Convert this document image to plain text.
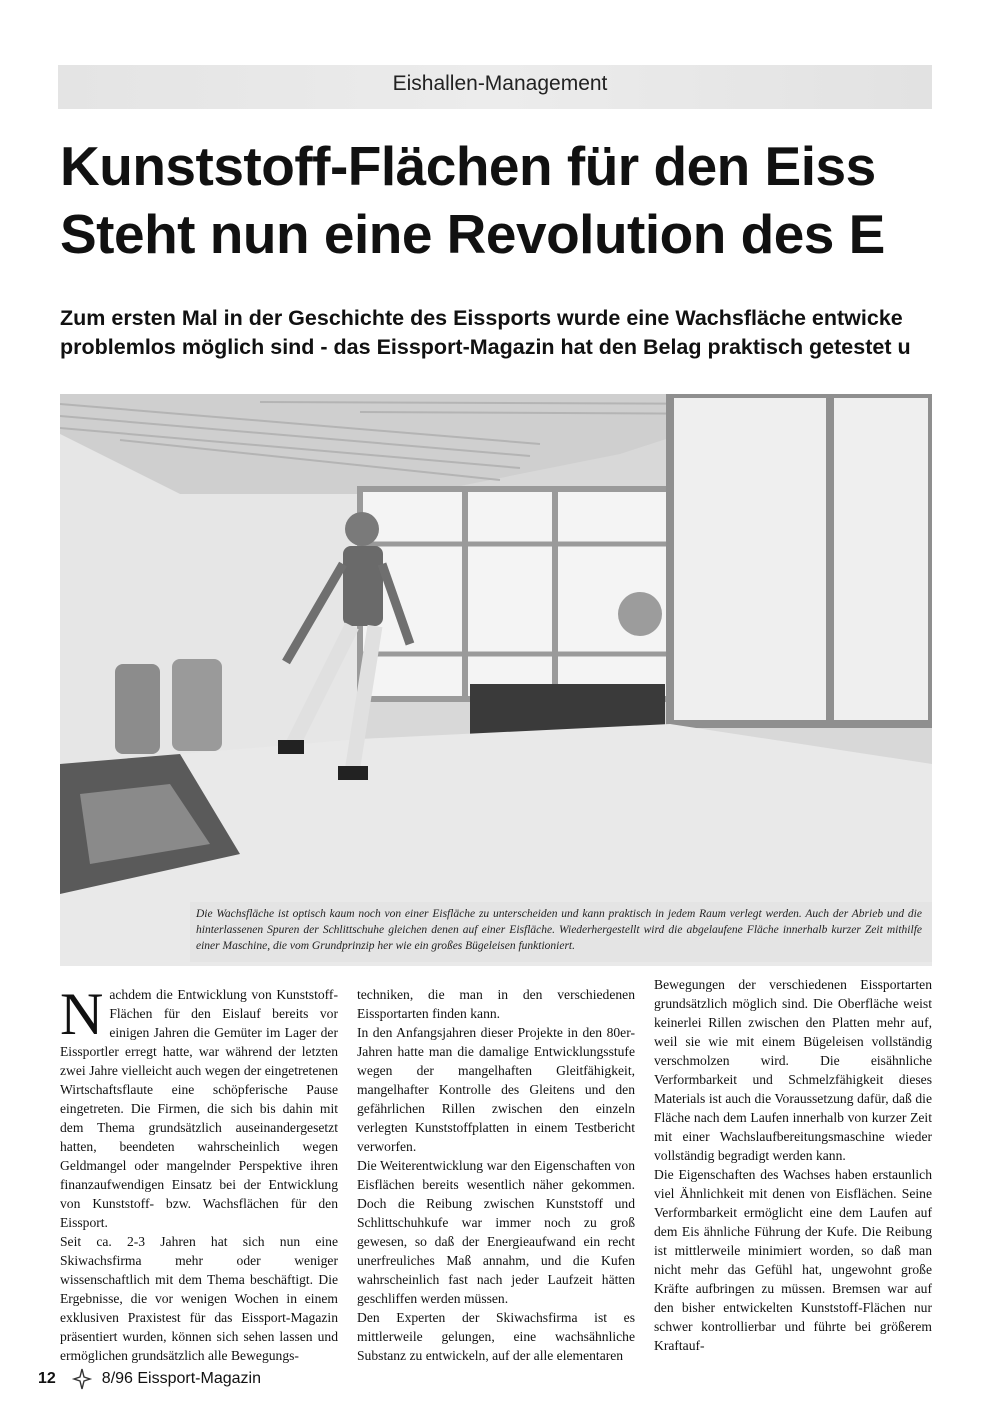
Eishallen-Management
Kunststoff-Flächen für den Eiss
Steht nun eine Revolution des E
Zum ersten Mal in der Geschichte des Eissports wurde eine Wachsfläche entwicke
problemlos möglich sind - das Eissport-Magazin hat den Belag praktisch getestet u
Die Wachsfläche ist optisch kaum noch von einer Eisfläche zu unterscheiden und kann praktisch in jedem Raum verlegt werden. Auch der Abrieb und die hinterlassenen Spuren der Schlittschuhe gleichen denen auf einer Eisfläche. Wiederhergestellt wird die abgelaufene Fläche innerhalb kurzer Zeit mithilfe einer Maschine, die vom Grundprinzip her wie ein großes Bügeleisen funktioniert.

Nachdem die Entwicklung von Kunststoff-Flächen für den Eislauf bereits vor einigen Jahren die Gemüter im Lager der Eissportler erregt hatte, war während der letzten zwei Jahre vielleicht auch wegen der eingetretenen Wirtschaftsflaute eine schöpferische Pause eingetreten. Die Firmen, die sich bis dahin mit dem Thema grundsätzlich auseinandergesetzt hatten, beendeten wahrscheinlich wegen Geldmangel oder mangelnder Perspektive ihren finanzaufwendigen Einsatz bei der Entwicklung von Kunststoff- bzw. Wachsflächen für den Eissport.

Seit ca. 2-3 Jahren hat sich nun eine Skiwachsfirma mehr oder weniger wissenschaftlich mit dem Thema beschäftigt. Die Ergebnisse, die vor wenigen Wochen in einem exklusiven Praxistest für das Eissport-Magazin präsentiert wurden, können sich sehen lassen und ermöglichen grundsätzlich alle Bewegungs-

techniken, die man in den verschiedenen Eissportarten finden kann.

In den Anfangsjahren dieser Projekte in den 80er-Jahren hatte man die damalige Entwicklungsstufe wegen der mangelhaften Gleitfähigkeit, mangelhafter Kontrolle des Gleitens und den gefährlichen Rillen zwischen den einzeln verlegten Kunststoffplatten in einem Testbericht verworfen.

Die Weiterentwicklung war den Eigenschaften von Eisflächen bereits wesentlich näher gekommen. Doch die Reibung zwischen Kunststoff und Schlittschuhkufe war immer noch zu groß gewesen, so daß der Energieaufwand ein recht unerfreuliches Maß annahm, und die Kufen wahrscheinlich fast nach jeder Laufzeit hätten geschliffen werden müssen.

Den Experten der Skiwachsfirma ist es mittlerweile gelungen, eine wachsähnliche Substanz zu entwickeln, auf der alle elementaren

Bewegungen der verschiedenen Eissportarten grundsätzlich möglich sind. Die Oberfläche weist keinerlei Rillen zwischen den Platten mehr auf, weil sie wie mit einem Bügeleisen vollständig verschmolzen wird. Die eisähnliche Verformbarkeit und Schmelzfähigkeit dieses Materials ist auch die Voraussetzung dafür, daß die Fläche nach dem Laufen innerhalb von kurzer Zeit mit einer Wachslaufbereitungsmaschine wieder vollständig begradigt werden kann.

Die Eigenschaften des Wachses haben erstaunlich viel Ähnlichkeit mit denen von Eisflächen. Seine Verformbarkeit ermöglicht eine dem Laufen auf dem Eis ähnliche Führung der Kufe. Die Reibung ist mittlerweile minimiert worden, so daß man nicht mehr das Gefühl hat, ungewohnt große Kräfte aufbringen zu müssen. Bremsen war auf den bisher entwickelten Kunststoff-Flächen nur schwer kontrollierbar und führte bei größerem Kraftauf-

12	8/96 Eissport-Magazin
